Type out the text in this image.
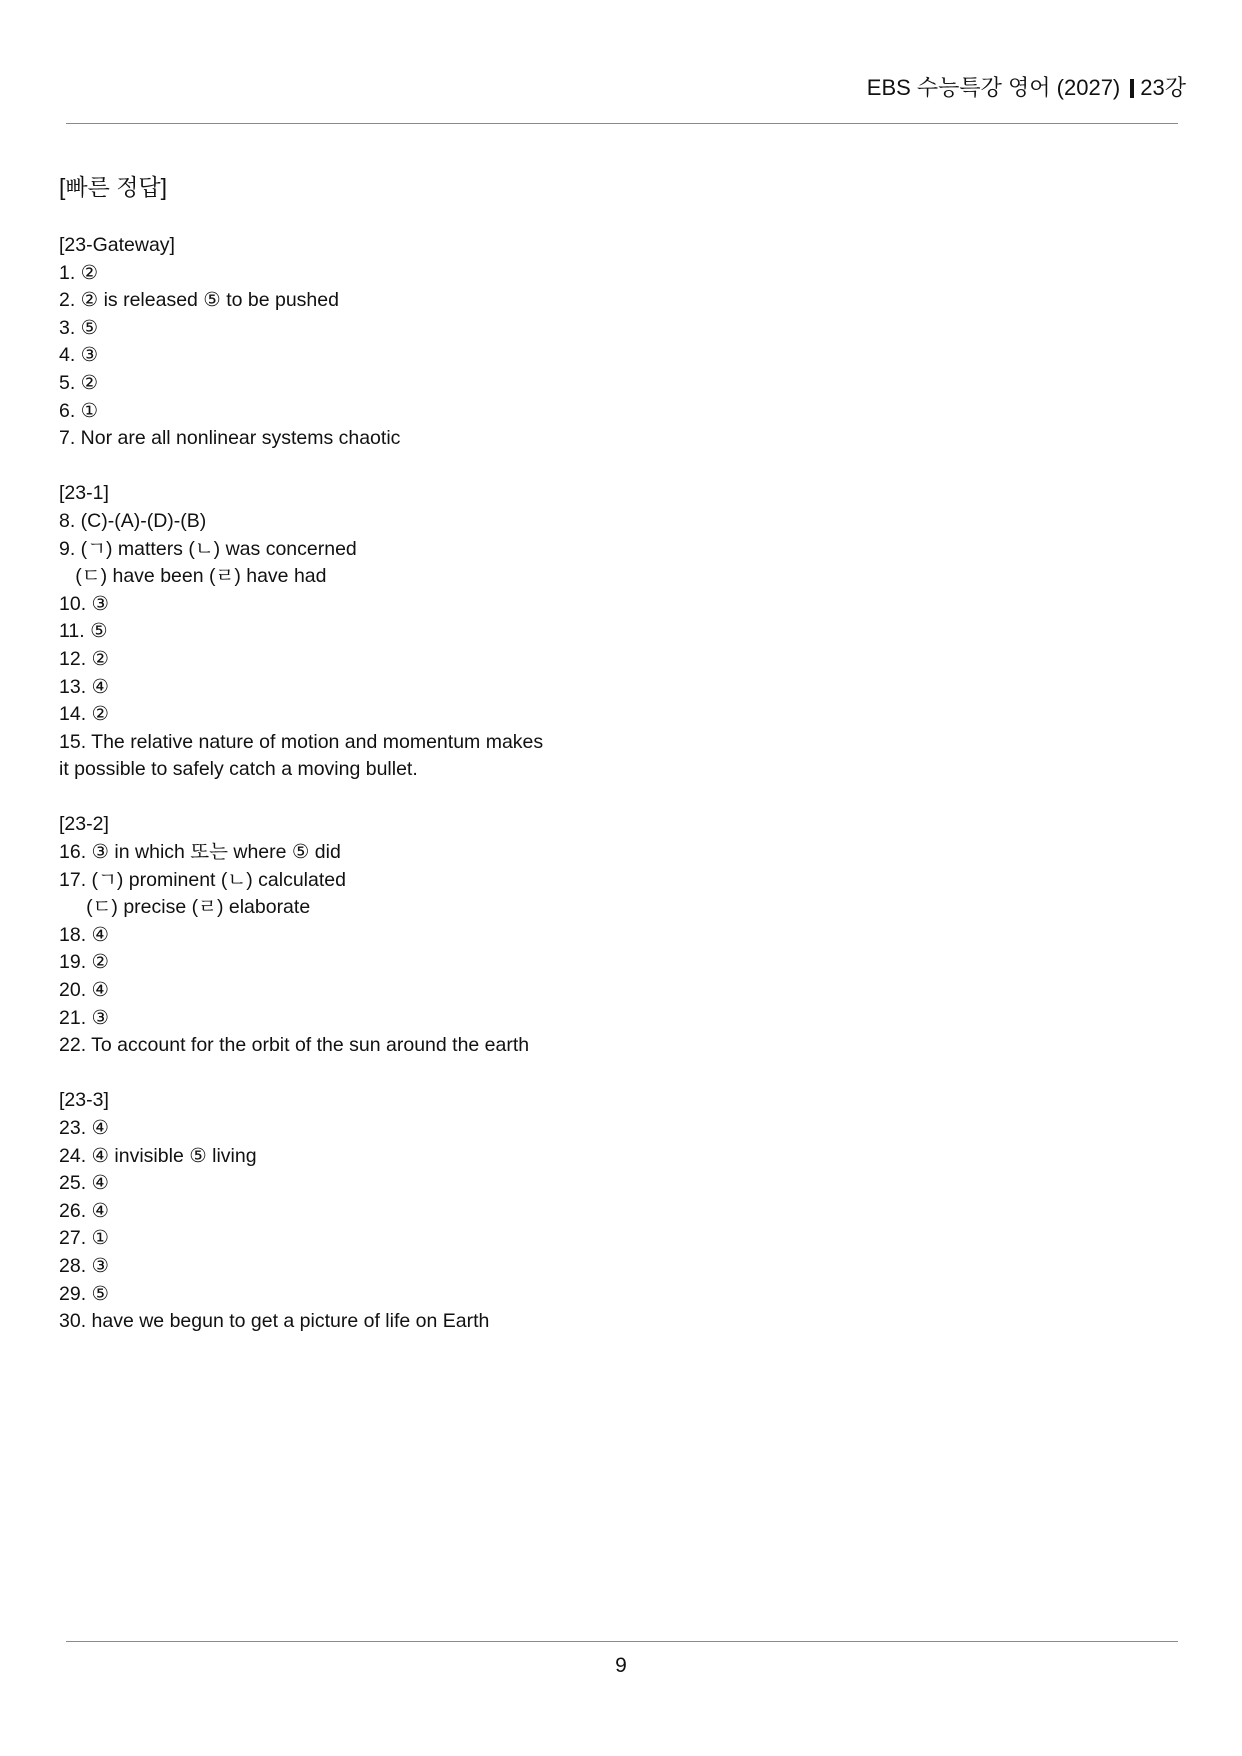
EBS 수능특강 영어 (2027) 23강
[빠른 정답]
[23-Gateway]
1. ②
2. ② is released ⑤ to be pushed
3. ⑤
4. ③
5. ②
6. ①
7. Nor are all nonlinear systems chaotic
[23-1]
8. (C)-(A)-(D)-(B)
9. (ㄱ) matters (ㄴ) was concerned
(ㄷ) have been (ㄹ) have had
10. ③
11. ⑤
12. ②
13. ④
14. ②
15. The relative nature of motion and momentum makes
it possible to safely catch a moving bullet.
[23-2]
16. ③ in which 또는 where ⑤ did
17. (ㄱ) prominent (ㄴ) calculated
(ㄷ) precise (ㄹ) elaborate
18. ④
19. ②
20. ④
21. ③
22. To account for the orbit of the sun around the earth
[23-3]
23. ④
24. ④ invisible ⑤ living
25. ④
26. ④
27. ①
28. ③
29. ⑤
30. have we begun to get a picture of life on Earth
9
